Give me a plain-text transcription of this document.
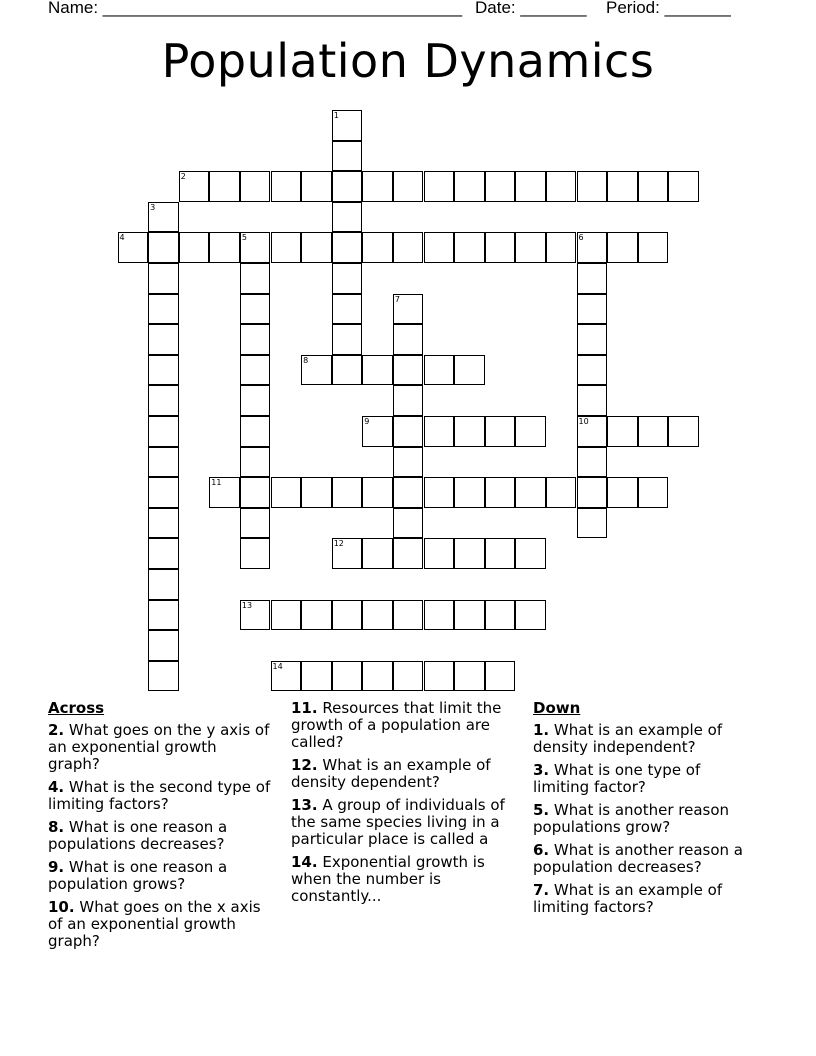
Name: ______________________________________

Date: _______

Period: _______

Population Dynamics
2
4	5	6
8
9	10
11
12
13
14
1
3
7
Across
2. What goes on the y axis of an exponential growth graph?
4. What is the second type of limiting factors?
8. What is one reason a populations decreases?
9. What is one reason a population grows?
10. What goes on the x axis of an exponential growth graph?
11. Resources that limit the growth of a population are called?
12. What is an example of density dependent?
13. A group of individuals of the same species living in a particular place is called a
14. Exponential growth is when the number is constantly...
Down
1. What is an example of density independent?
3. What is one type of limiting factor?
5. What is another reason populations grow?
6. What is another reason a population decreases?
7. What is an example of limiting factors?
